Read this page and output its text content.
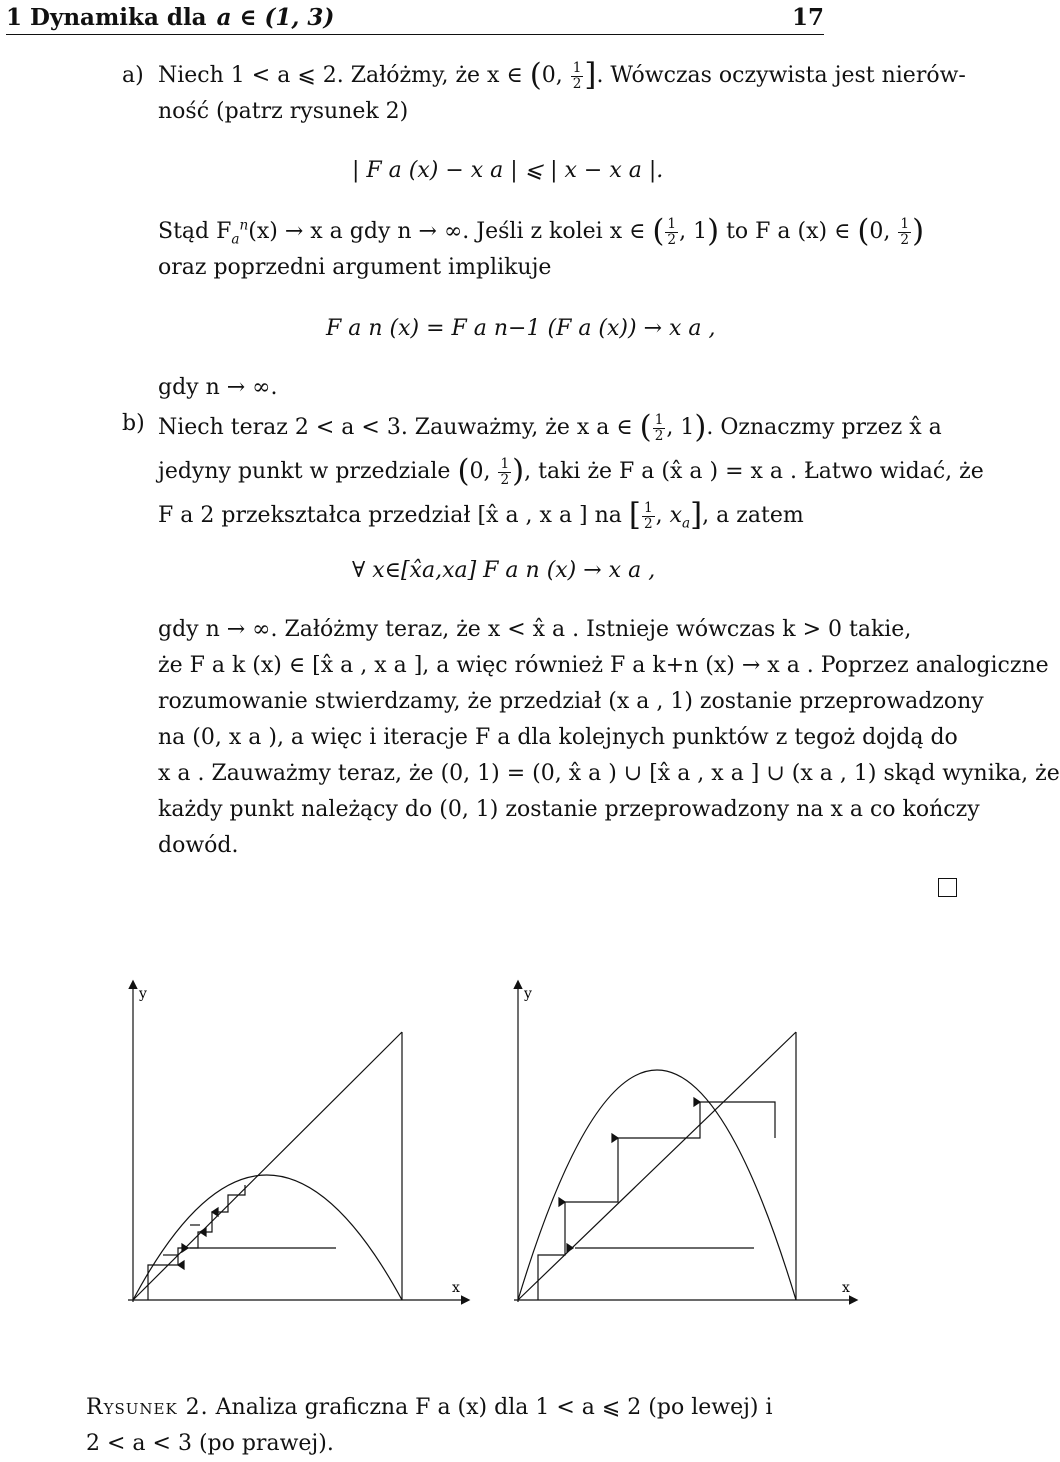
1 Dynamika dla a ∈ (1, 3)	17
a) Niech 1 < a ⩽ 2. Załóżmy, że x ∈ (0, $\frac{1}{2}$ ]. Wówczas oczywista jest nierów-
ność (patrz rysunek 2)
| F a (x) − x a | ⩽ | x − x a |.
Stąd $F_a^n(x) \to x$ a gdy n → ∞. Jeśli z kolei x ∈ ( $\frac{1}{2}$ , 1) to F a (x) ∈ (0, $\frac{1}{2}$ )
oraz poprzedni argument implikuje
F a n (x) = F a n−1 (F a (x)) → x a ,
gdy n → ∞.
b) Niech teraz 2 < a < 3. Zauważmy, że x a ∈ ( $\frac{1}{2}$ , 1). Oznaczmy przez x̂ a
jedyny punkt w przedziale (0, $\frac{1}{2}$ ), taki że F a (x̂ a ) = x a . Łatwo widać, że
F a 2 przekształca przedział [x̂ a , x a ] na [ $\frac{1}{2}$ , $x_a$], a zatem
∀ x∈[x̂a,xa] F a n (x) → x a ,
gdy n → ∞. Załóżmy teraz, że x < x̂ a . Istnieje wówczas k > 0 takie,
że F a k (x) ∈ [x̂ a , x a ], a więc również F a k+n (x) → x a . Poprzez analogiczne
rozumowanie stwierdzamy, że przedział (x a , 1) zostanie przeprowadzony
na (0, x a ), a więc i iteracje F a dla kolejnych punktów z tegoż dojdą do
x a . Zauważmy teraz, że (0, 1) = (0, x̂ a ) ∪ [x̂ a , x a ] ∪ (x a , 1) skąd wynika, że
każdy punkt należący do (0, 1) zostanie przeprowadzony na x a co kończy
dowód.
y
x
y
x
Rysunek 2. Analiza graficzna F a (x) dla 1 < a ⩽ 2 (po lewej) i
2 < a < 3 (po prawej).
